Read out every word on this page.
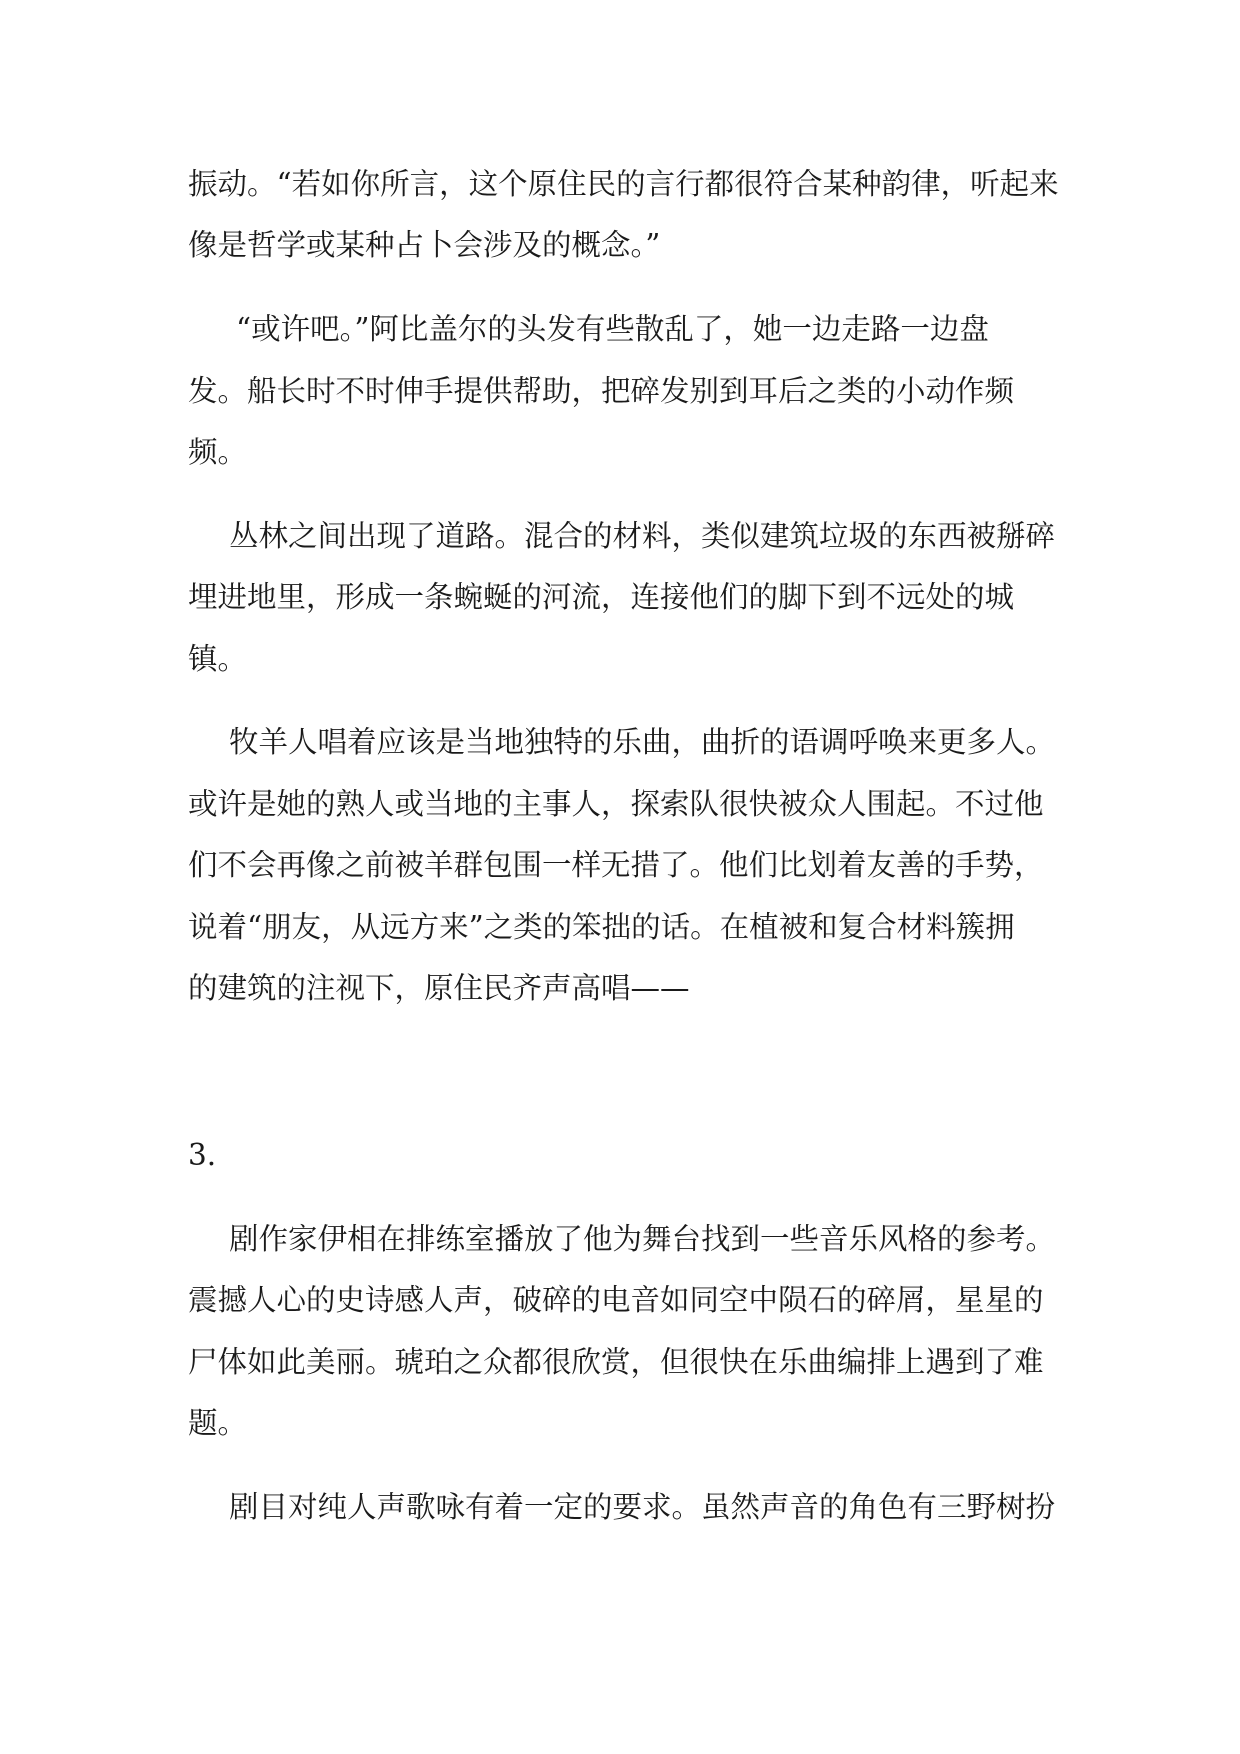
振动。“若如你所言，这个原住民的言行都很符合某种韵律，听起来

像是哲学或某种占卜会涉及的概念。”

“或许吧。”阿比盖尔的头发有些散乱了，她一边走路一边盘

发。船长时不时伸手提供帮助，把碎发别到耳后之类的小动作频

频。

丛林之间出现了道路。混合的材料，类似建筑垃圾的东西被掰碎

埋进地里，形成一条蜿蜒的河流，连接他们的脚下到不远处的城

镇。

牧羊人唱着应该是当地独特的乐曲，曲折的语调呼唤来更多人。

或许是她的熟人或当地的主事人，探索队很快被众人围起。不过他

们不会再像之前被羊群包围一样无措了。他们比划着友善的手势，

说着“朋友，从远方来”之类的笨拙的话。在植被和复合材料簇拥

的建筑的注视下，原住民齐声高唱——

3.

剧作家伊相在排练室播放了他为舞台找到一些音乐风格的参考。

震撼人心的史诗感人声，破碎的电音如同空中陨石的碎屑，星星的

尸体如此美丽。琥珀之众都很欣赏，但很快在乐曲编排上遇到了难

题。

剧目对纯人声歌咏有着一定的要求。虽然声音的角色有三野树扮
